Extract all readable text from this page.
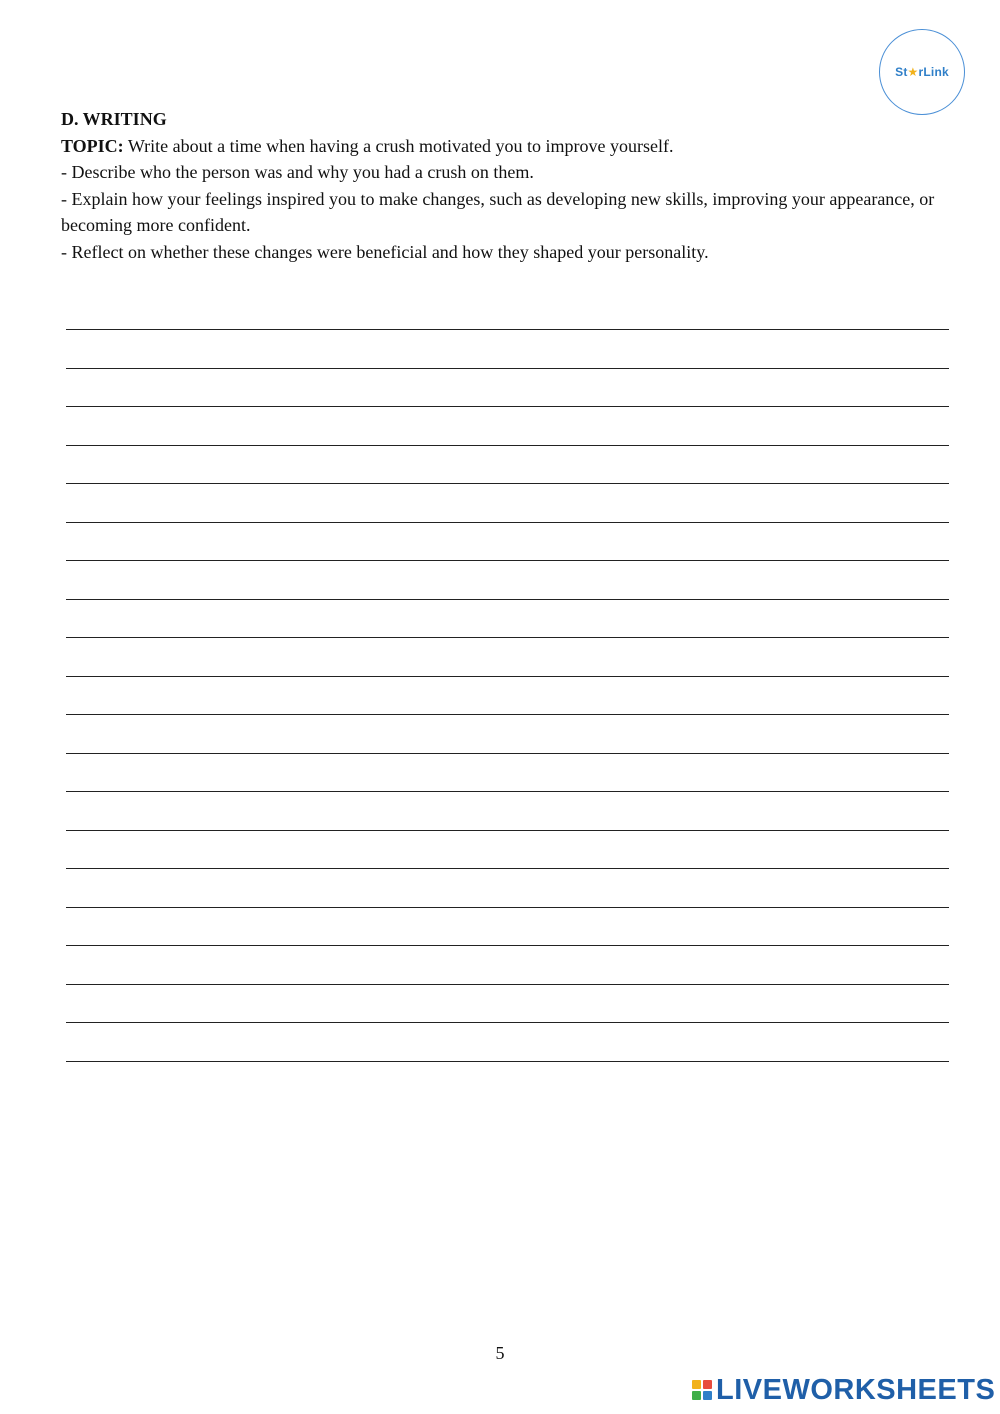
St★rLink

D. WRITING

TOPIC: Write about a time when having a crush motivated you to improve yourself.

- Describe who the person was and why you had a crush on them.

- Explain how your feelings inspired you to make changes, such as developing new skills, improving your appearance, or becoming more confident.

- Reflect on whether these changes were beneficial and how they shaped your personality.

5
LIVEWORKSHEETS
